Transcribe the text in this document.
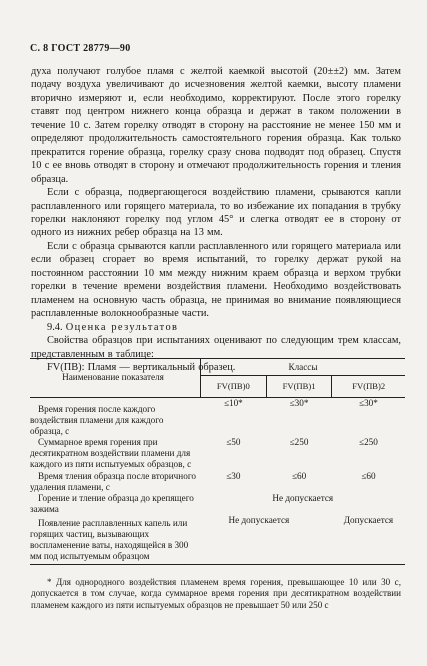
С. 8 ГОСТ 28779—90

духа получают голубое пламя с желтой каемкой высотой (20±±2) мм. Затем подачу воздуха увеличивают до исчезновения желтой каемки, высоту пламени вторично измеряют и, если необходимо, корректируют. После этого горелку ставят под центром нижнего конца образца и держат в таком положении в течение 10 с. Затем горелку отводят в сторону на расстояние не менее 150 мм и определяют продолжительность самостоятельного горения образца. Как только прекратится горение образца, горелку сразу снова подводят под образец. Спустя 10 с ее вновь отводят в сторону и отмечают продолжительность горения и тления образца.

Если с образца, подвергающегося воздействию пламени, срываются капли расплавленного или горящего материала, то во избежание их попадания в трубку горелки наклоняют горелку под углом 45° и слегка отводят ее в сторону от одного из нижних ребер образца на 13 мм.

Если с образца срываются капли расплавленного или горящего материала или если образец сгорает во время испытаний, то горелку держат рукой на постоянном расстоянии 10 мм между нижним краем образца и верхом трубки горелки в течение времени воздействия пламени. Необходимо воздействовать пламенем на основную часть образца, не принимая во внимание появляющиеся расплавленные волокнообразные части.

9.4. Оценка результатов

Свойства образцов при испытаниях оценивают по следующим трем классам, представленным в таблице:

FV(ПВ): Пламя — вертикальный образец.

Наименование показателя	Классы		
	FV(ПВ)0	FV(ПВ)1	FV(ПВ)2
Время горения после каждого воздействия пламени для каждого образца, с	≤10*	≤30*	≤30*
Суммарное время горения при десятикратном воздействии пламени для каждого из пяти испытуемых образцов, с	≤50	≤250	≤250
Время тления образца после вторичного удаления пламени, с	≤30	≤60	≤60
Горение и тление образца до крепящего зажима	Не допускается		
Появление расплавленных капель или горящих частиц, вызывающих воспламенение ваты, находящейся в 300 мм под испытуемым образцом	Не допускается		Допускается

* Для однородного воздействия пламенем время горения, превышающее 10 или 30 с, допускается в том случае, когда суммарное время горения при десятикратном воздействии пламенем каждого из пяти испытуемых образцов не превышает 50 или 250 с
